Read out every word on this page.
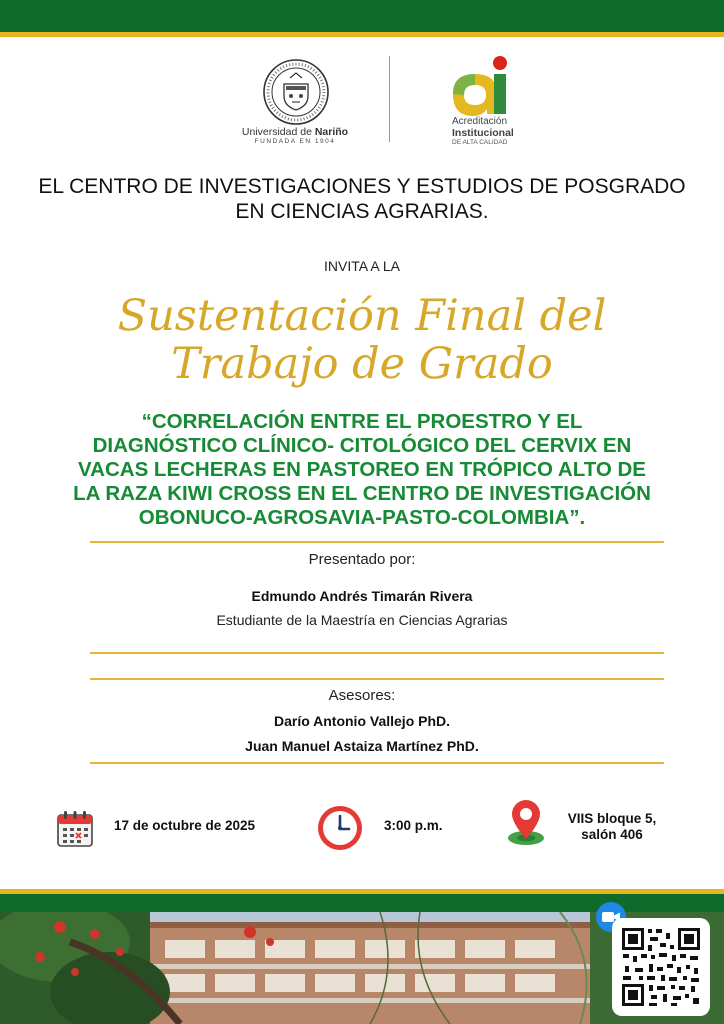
Universidad de Nariño
FUNDADA EN 1904
Acreditación
Institucional
DE ALTA CALIDAD
EL CENTRO DE INVESTIGACIONES Y ESTUDIOS DE POSGRADO EN CIENCIAS AGRARIAS.
INVITA A LA
Sustentación Final del Trabajo de Grado
“CORRELACIÓN ENTRE EL PROESTRO Y EL DIAGNÓSTICO CLÍNICO- CITOLÓGICO DEL CERVIX EN VACAS LECHERAS EN PASTOREO EN TRÓPICO ALTO DE LA RAZA KIWI CROSS EN EL CENTRO DE INVESTIGACIÓN OBONUCO-AGROSAVIA-PASTO-COLOMBIA”.
Presentado por:
Edmundo Andrés Timarán Rivera
Estudiante de la Maestría en Ciencias Agrarias
Asesores:
Darío Antonio Vallejo PhD.
Juan Manuel Astaiza Martínez PhD.
17 de octubre de 2025	3:00 p.m.	VIIS bloque 5, salón 406
